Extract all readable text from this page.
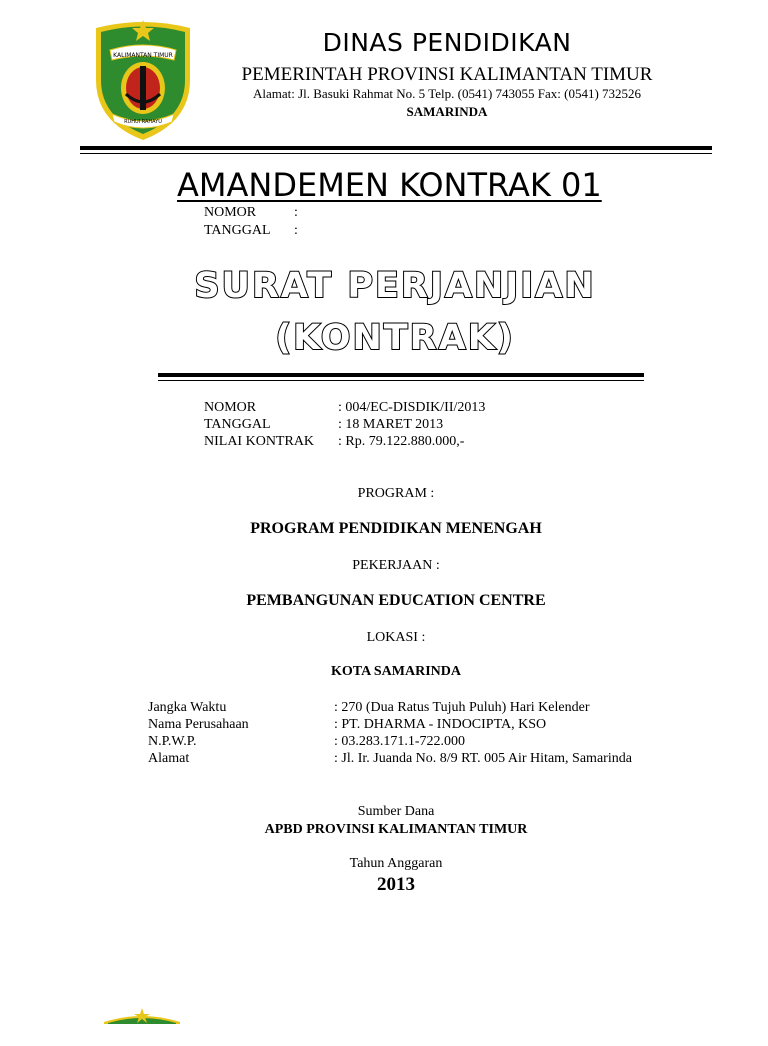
KALIMANTAN TIMUR
RUHUI RAHAYU
DINAS PENDIDIKAN
PEMERINTAH PROVINSI KALIMANTAN TIMUR
Alamat: Jl. Basuki Rahmat No. 5 Telp. (0541) 743055 Fax: (0541) 732526
SAMARINDA
AMANDEMEN KONTRAK 01
NOMOR	:
TANGGAL :
SURAT PERJANJIAN
(KONTRAK)
NOMOR	: 004/EC-DISDIK/II/2013
TANGGAL	: 18 MARET 2013
NILAI KONTRAK : Rp. 79.122.880.000,-
PROGRAM :
PROGRAM PENDIDIKAN MENENGAH
PEKERJAAN :
PEMBANGUNAN EDUCATION CENTRE
LOKASI :
KOTA SAMARINDA
Jangka Waktu	: 270 (Dua Ratus Tujuh Puluh) Hari Kelender
Nama Perusahaan	: PT. DHARMA - INDOCIPTA, KSO
N.P.W.P.	: 03.283.171.1-722.000
Alamat	: Jl. Ir. Juanda No. 8/9 RT. 005 Air Hitam, Samarinda
Sumber Dana
APBD PROVINSI KALIMANTAN TIMUR
Tahun Anggaran
2013
